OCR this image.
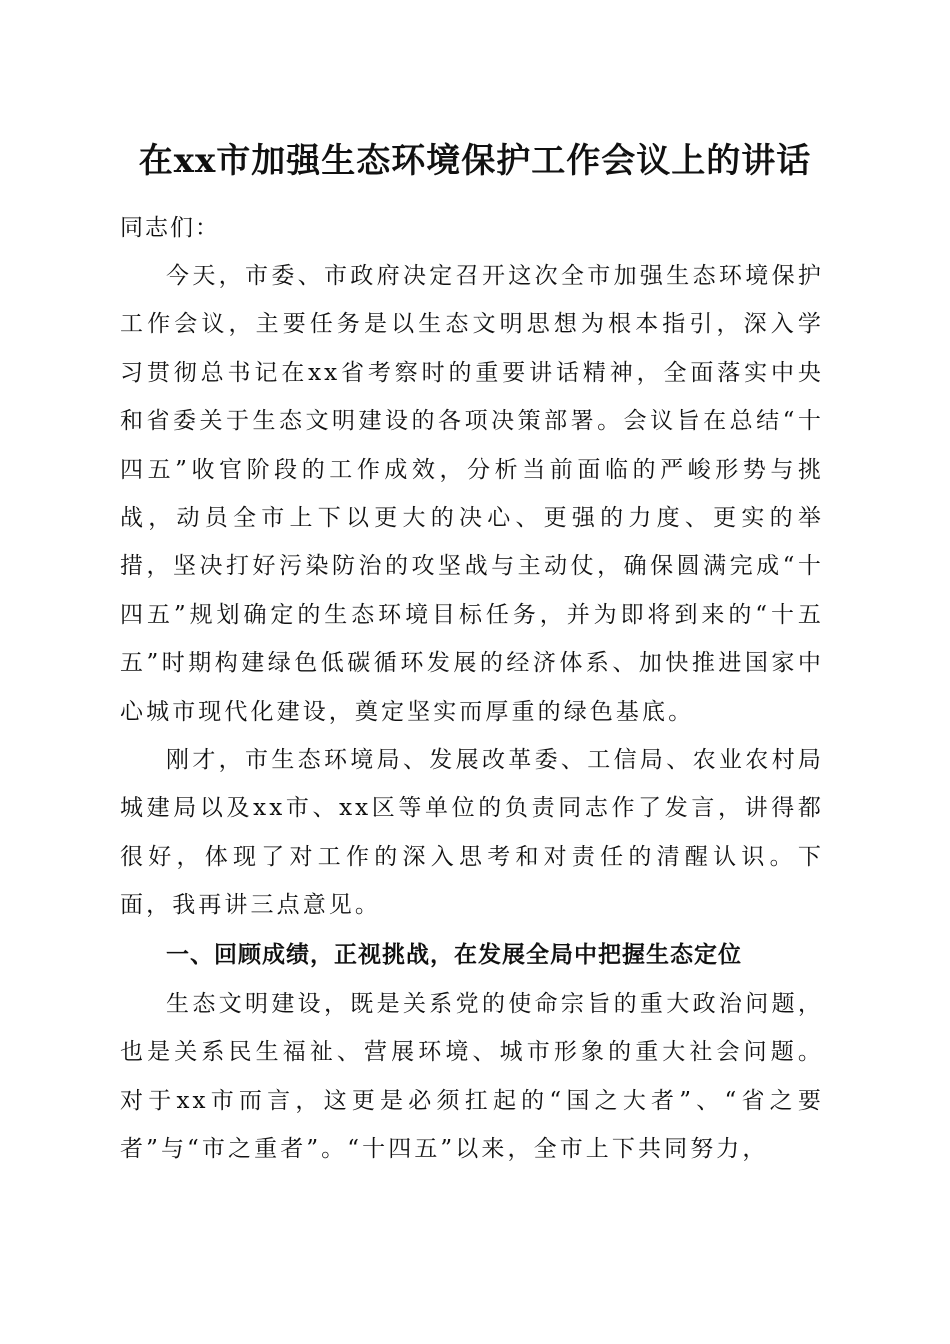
在xx市加强生态环境保护工作会议上的讲话

同志们：

今天，市委、市政府决定召开这次全市加强生态环境保护工作会议，主要任务是以生态文明思想为根本指引，深入学习贯彻总书记在xx省考察时的重要讲话精神，全面落实中央和省委关于生态文明建设的各项决策部署。会议旨在总结“十四五”收官阶段的工作成效，分析当前面临的严峻形势与挑战，动员全市上下以更大的决心、更强的力度、更实的举措，坚决打好污染防治的攻坚战与主动仗，确保圆满完成“十四五”规划确定的生态环境目标任务，并为即将到来的“十五五”时期构建绿色低碳循环发展的经济体系、加快推进国家中心城市现代化建设，奠定坚实而厚重的绿色基底。

刚才，市生态环境局、发展改革委、工信局、农业农村局城建局以及xx市、xx区等单位的负责同志作了发言，讲得都很好，体现了对工作的深入思考和对责任的清醒认识。下面，我再讲三点意见。

一、回顾成绩，正视挑战，在发展全局中把握生态定位

生态文明建设，既是关系党的使命宗旨的重大政治问题，也是关系民生福祉、营展环境、城市形象的重大社会问题。对于xx市而言，这更是必须扛起的“国之大者”、“省之要者”与“市之重者”。“十四五”以来，全市上下共同努力，
